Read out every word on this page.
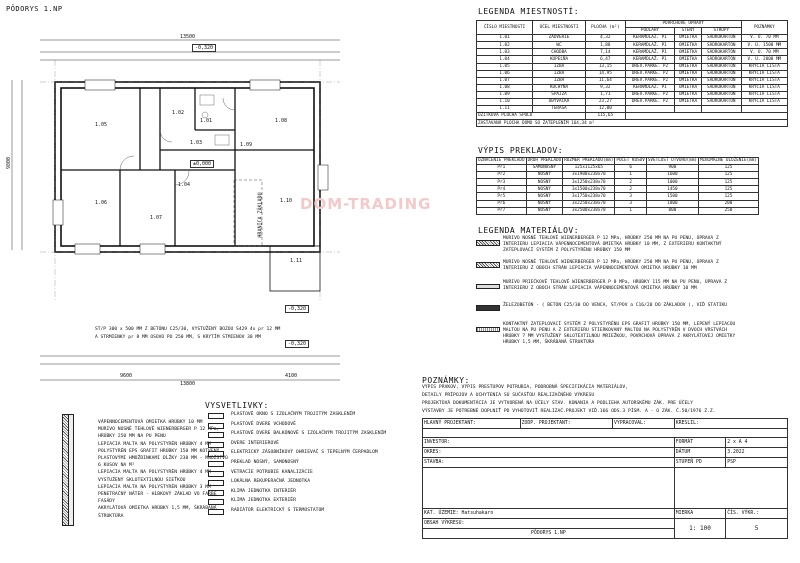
PÔDORYS 1.NP
13500
9800
9600	4100
13800
-0,320
±0,000
-0,320
-0,320
1.05
1.06
1.01
1.02
1.03
1.04
1.07
1.08
1.09
1.10
1.11
HRANICA ZÁKLADU
ST/P 300 x 500 MM Z BETÓNU C25/30, VYSTUŽENÝ BOZOU S429 4x pr 12 MM
A STRMIENKY pr 8 MM OSOVO PO 250 MM, S KRYTÍM STMIENOV 30 MM
DOM-TRADING
LEGENDA MIESTNOSTÍ:
ČÍSLO MIESTNOSTI	ÚČEL MIESTNOSTI	PLOCHA (m²)	POVRCHOVÉ ÚPRAVY			POZNÁMKY
			PODLAHY	STENY	STROPY	
1.01	ZÁDVERIE	4,32	KERAMDLAŽ. P1	OMIETKA	SÁDROKARTÓN	V. Ú. 70 MM
1.02	WC	1,88	KERAMDLAŽ. P1	OMIETKA	SÁDROKARTÓN	V. Ú. 1500 MM
1.03	CHODBA	7,14	KERAMDLAŽ. P1	OMIETKA	SÁDROKARTÓN	V. Ú. 70 MM
1.04	KÚPEĽŇA	6,47	KERAMDLAŽ. P1	OMIETKA	SÁDROKARTÓN	V. Ú. 2000 MM
1.05	IZBA	13,15	DREV.PARKE. P2	OMIETKA	SÁDROKARTÓN	KRYCIA LIŠTA
1.06	IZBA	14,95	DREV.PARKE. P2	OMIETKA	SÁDROKARTÓN	KRYCIA LIŠTA
1.07	IZBA	11,64	DREV.PARKE. P2	OMIETKA	SÁDROKARTÓN	KRYCIA LIŠTA
1.08	KUCHYŇA	9,32	KERAMDLAŽ. P1	OMIETKA	SÁDROKARTÓN	KRYCIA LIŠTA
1.09	ŠPAJZA	1,71	DREV.PARKE. P2	OMIETKA	SÁDROKARTÓN	KRYCIA LIŠTA
1.10	OBÝVAČKA	23,27	DREV.PARKE. P2	OMIETKA	SÁDROKARTÓN	KRYCIA LIŠTA
1.11	TERASA	12,00				
ÚŽITKOVÁ PLOCHA SPOLU		115,65				
ZASTAVANÁ PLOCHA DOMU SO ZATEPLENÍM 164,34 m²						
VÝPIS PREKLADOV:
OZNAČENIE PREKLADU	DRUH PREKLADU	ROZMER PREKLADU(mm)	POČET KUSOV	SVETLOSŤ OTVORU(mm)	MINIMÁLNE ULOŽENIE(mm)
Pr1	SAMONOSNÝ	125x1125x65	6	900	125
Pr2	NOSNÝ	3x1900x238x70	1	1600	125
Pr3	NOSNÝ	3x1250x238x70	2	1000	125
Pr4	NOSNÝ	3x1500x238x70	2	1450	125
Pr5	NOSNÝ	3x1750x238x70	3	1500	125
Pr6	NOSNÝ	3x2250x238x70	3	1800	200
Pr7	NOSNÝ	3x2500x238x70	1	800	250
LEGENDA MATERIÁLOV:
MURIVO NOSNÉ TEHLOVÉ WIENERBERGER P 12 MPa, HRÚBKY 250 MM NA PU PENU, ÚPRAVA Z INTERIERU LEPIACIA VÁPENNOCEMENTOVÁ OMIETKA HRÚBKY 10 MM, Z EXTERIERU KONTAKTNÝ ZATEPLOVACÍ SYSTÉM Z POLYSTYRÉNU HRÚBKY 150 MM
MURIVO NOSNÉ TEHLOVÉ WIENERBERGER P 12 MPa, HRÚBKY 250 MM NA PU PENU, ÚPRAVA Z INTERIERU Z OBOCH STRÁN LEPIACIA VÁPENNOCEMENTOVÁ OMIETKA HRÚBKY 10 MM
MURIVO PRIEČKOVÉ TEHLOVÉ WIENERBERGER P 8 MPa, HRÚBKY 115 MM NA PU PENU, ÚPRAVA Z INTERIERU Z OBOCH STRÁN LEPIACIA VÁPENNOCEMENTOVÁ OMIETKA HRÚBKY 10 MM
ŽELEZOBETÓN - ( BETÓN C25/30 DO VENCA, ST/POV a C16/20 DO ZÁKLADOV ), VIĎ STATIKU
KONTAKTNÝ ZATEPLOVACÍ SYSTÉM Z POLYSTYRÉNU EPS GRAFIT HRÚBKY 150 MM, LEPENÝ LEPIACOU MALTOU NA PU PENU A Z EXTERIERU STIERKOVANÝ MALTOU NA POLYSTYRÉN V DVOCH VRSTVÁCH HRÚBKY 7 MM VYSTUŽENÝ SKLOTEXTILNOU MRIEŽKOU, POVRCHOVÁ ÚPRAVA Z AKRYLÁTOVEJ OMIETKY HRÚBKY 1,5 MM, ŠKRÁBANÁ ŠTRUKTÚRA
POZNÁMKY:
VÝPIS PRVKOV, VÝPIS PRESTUPOV POTRUBIA, PODROBNÁ ŠPECIFIKÁCIA MATERIÁLOV,
DETAILY PRÍPOJOV A UCHYTENIA SÚ SÚČASŤOU REALIZAČNÉHO VÝKRESU
PROJEKTOVÁ DOKUMENTÁCIA JE VYTVORENÁ NA ÚČELY STAV. KONANIA A PODLIEHA AUTORSKÉMU ZÁK. PRE ÚČELY
VÝSTAVBY JE POTREBNÉ DOPLNIŤ PD VYHOTOVIŤ REALIZAČ.PROJEKT VIĎ.166 ODS.3 PÍSM. A - O ZÁK. Č.50/1976 Z.Z.
VÁPENNOCEMENTOVÁ OMIETKA HRÚBKY 10 MM
MURIVO NOSNÉ TEHLOVÉ WIENERBERGER P 12 MPa,
HRÚBKY 250 MM NA PU PENU
LEPIACIA MALTA NA POLYSTYRÉN HRÚBKY 4 MM
POLYSTYRÉN EPS GRAFIT HRÚBKY 150 MM KOTVENÝ
PLASTOVÝMI HMOŽDINKAMI DĹŽKY 230 MM - MNOŽSTVO
6 KUSOV NA M²
LEPIACIA MALTA NA POLYSTYRÉN HRÚBKY 4 MM
VYSTUŽENÝ SKLOTEXTILNOU SIEŤKOU
LEPIACIA MALTA NA POLYSTYRÉN HRÚBKY 3 MM
PENETRAČNÝ NÁTER - HĹBKOVÝ ZÁKLAD VO FARBE
FASÁDY
AKRYLÁTOVÁ OMIETKA HRÚBKY 1,5 MM, ŠKRÁBANÁ
ŠTRUKTÚRA
VYSVETLIVKY:
PLASTOVÉ OKNO S IZOLAČNÝM TROJITÝM ZASKLENÍM
PLASTOVÉ DVERE VCHODOVÉ
PLASTOVÉ DVERE BALKÓNOVÉ S IZOLAČNÝM TROJITÝM ZASKLENÍM
DVERE INTERIEROVÉ
ELEKTRICKÝ ZÁSOBNÍKOVÝ OHRIEVAČ S TEPELNÝM ČERPADLOM
PREKLAD NOSNÝ, SAMONOSNÝ
VETRACIE POTRUBIE KANALIZÁCIE
LOKÁLNA REKUPERAČNÁ JEDNOTKA
KLIMA JEDNOTKA INTERIÉR
KLIMA JEDNOTKA EXTERIÉR
RADIÁTOR ELEKTRICKÝ S TERMOSTATOM
HLAVNÝ PROJEKTANT:	ZODP. PROJEKTANT:	VYPRACOVAL:	KRESLIL:	

INVESTOR:			FORMÁT	2 x A 4
OKRES:			DÁTUM	3.2022
STAVBA:			STUPEŇ PD	PSP

KAT. ÚZEMIE: Hatsuhakaro			MIERKA	ČÍS. VÝKR.:
OBSAH VÝKRESU:			1: 100	5
PÔDORYS 1.NP				
